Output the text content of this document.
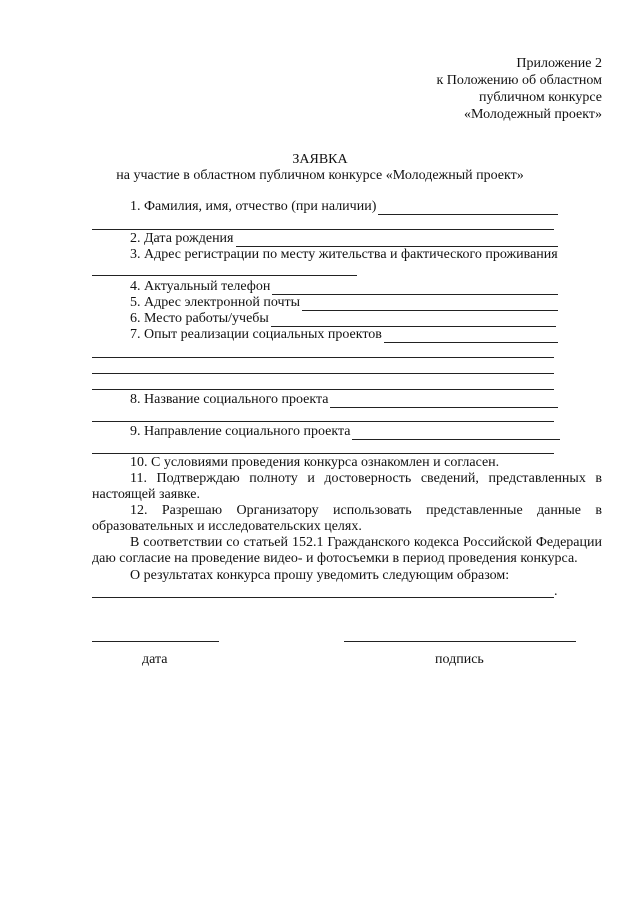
Приложение 2
к Положению об областном
публичном конкурсе
«Молодежный проект»
ЗАЯВКА
на участие в областном публичном конкурсе «Молодежный проект»
1. Фамилия, имя, отчество (при наличии)
2. Дата рождения
3. Адрес регистрации по месту жительства и фактического проживания
4. Актуальный телефон
5. Адрес электронной почты
6. Место работы/учебы
7. Опыт реализации социальных проектов
8. Название социального проекта
9. Направление социального проекта
10. С условиями проведения конкурса ознакомлен и согласен.
11. Подтверждаю полноту и достоверность сведений, представленных в настоящей заявке.
12. Разрешаю Организатору использовать представленные данные в образовательных и исследовательских целях.
В соответствии со статьей 152.1 Гражданского кодекса Российской Федерации даю согласие на проведение видео- и фотосъемки в период проведения конкурса.
О результатах конкурса прошу уведомить следующим образом:
.
дата	подпись
